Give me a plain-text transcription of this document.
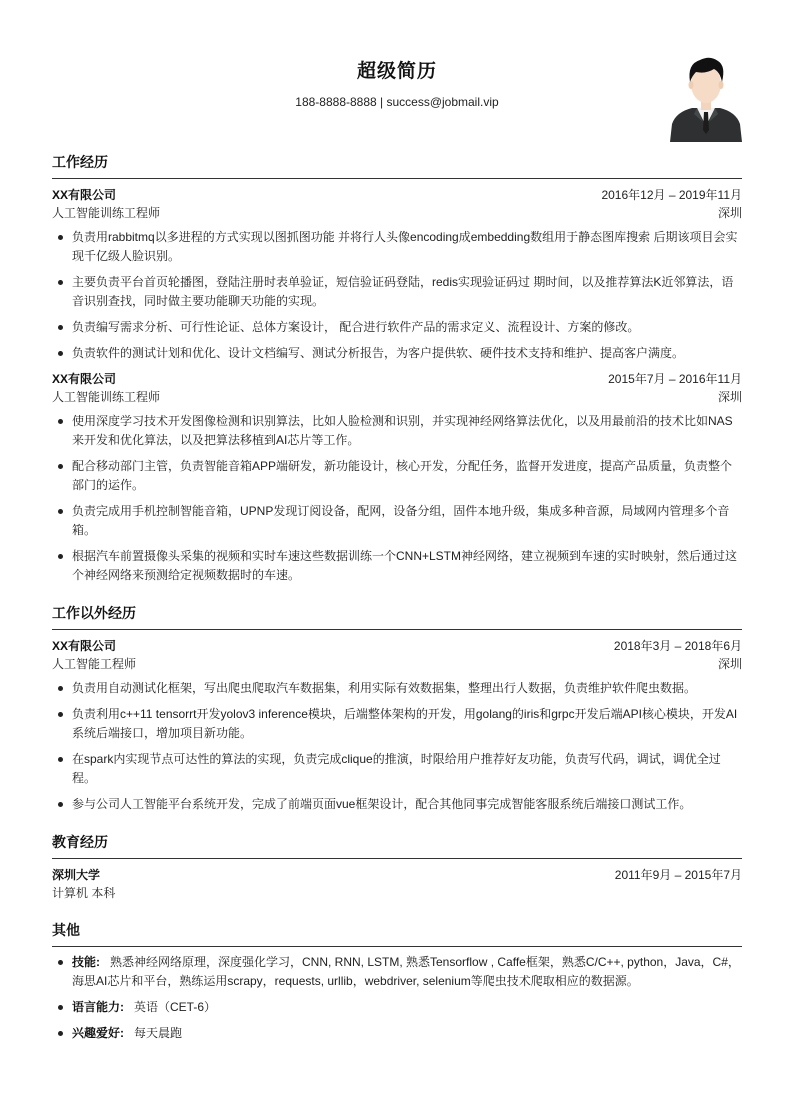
超级简历
188-8888-8888 | success@jobmail.vip
工作经历
XX有限公司	2016年12月 – 2019年11月
人工智能训练工程师	深圳
负责用rabbitmq以多进程的方式实现以图抓图功能 并将行人头像encoding成embedding数组用于静态图库搜索 后期该项目会实现千亿级人脸识别。
主要负责平台首页轮播图，登陆注册时表单验证，短信验证码登陆，redis实现验证码过 期时间，以及推荐算法K近邻算法，语音识别查找，同时做主要功能聊天功能的实现。
负责编写需求分析、可行性论证、总体方案设计， 配合进行软件产品的需求定义、流程设计、方案的修改。
负责软件的测试计划和优化、设计文档编写、测试分析报告，为客户提供软、硬件技术支持和维护、提高客户满度。
XX有限公司	2015年7月 – 2016年11月
人工智能训练工程师	深圳
使用深度学习技术开发图像检测和识别算法，比如人脸检测和识别，并实现神经网络算法优化，以及用最前沿的技术比如NAS来开发和优化算法，以及把算法移植到AI芯片等工作。
配合移动部门主管，负责智能音箱APP端研发，新功能设计，核心开发，分配任务，监督开发进度，提高产品质量，负责整个部门的运作。
负责完成用手机控制智能音箱，UPNP发现订阅设备，配网，设备分组，固件本地升级，集成多种音源，局域网内管理多个音箱。
根据汽车前置摄像头采集的视频和实时车速这些数据训练一个CNN+LSTM神经网络，建立视频到车速的实时映射，然后通过这个神经网络来预测给定视频数据时的车速。
工作以外经历
XX有限公司	2018年3月 – 2018年6月
人工智能工程师	深圳
负责用自动测试化框架，写出爬虫爬取汽车数据集，利用实际有效数据集，整理出行人数据，负责维护软件爬虫数据。
负责利用c++11 tensorrt开发yolov3 inference模块，后端整体架构的开发，用golang的iris和grpc开发后端API核心模块，开发AI系统后端接口，增加项目新功能。
在spark内实现节点可达性的算法的实现，负责完成clique的推演，时限给用户推荐好友功能，负责写代码，调试，调优全过程。
参与公司人工智能平台系统开发，完成了前端页面vue框架设计，配合其他同事完成智能客服系统后端接口测试工作。
教育经历
深圳大学	2011年9月 – 2015年7月
计算机 本科
其他
技能: 熟悉神经网络原理，深度强化学习，CNN, RNN, LSTM, 熟悉Tensorflow , Caffe框架，熟悉C/C++, python，Java，C#，海思AI芯片和平台，熟练运用scrapy，requests, urllib，webdriver, selenium等爬虫技术爬取相应的数据源。
语言能力: 英语（CET-6）
兴趣爱好: 每天晨跑
